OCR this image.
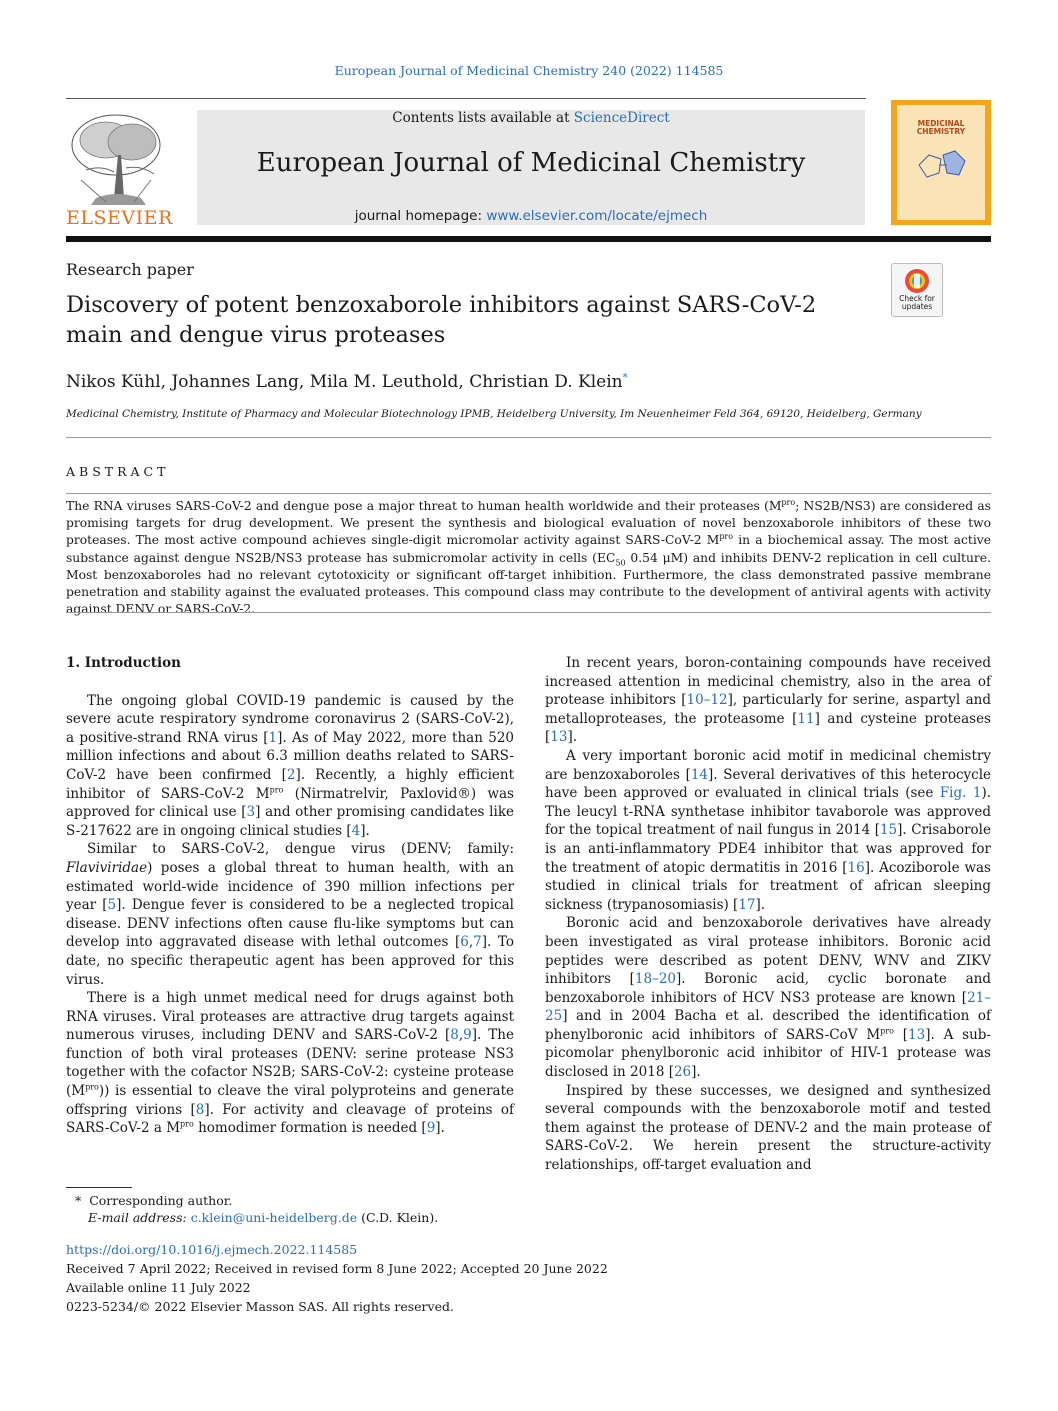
European Journal of Medicinal Chemistry 240 (2022) 114585
ELSEVIER
Contents lists available at ScienceDirect
European Journal of Medicinal Chemistry
journal homepage: www.elsevier.com/locate/ejmech
MEDICINAL CHEMISTRY
Research paper
Discovery of potent benzoxaborole inhibitors against SARS-CoV-2 main and dengue virus proteases
Check for updates
Nikos Kühl, Johannes Lang, Mila M. Leuthold, Christian D. Klein*
Medicinal Chemistry, Institute of Pharmacy and Molecular Biotechnology IPMB, Heidelberg University, Im Neuenheimer Feld 364, 69120, Heidelberg, Germany
ABSTRACT
The RNA viruses SARS-CoV-2 and dengue pose a major threat to human health worldwide and their proteases ($M^{pro}$; NS2B/NS3) are considered as promising targets for drug development. We present the synthesis and biological evaluation of novel benzoxaborole inhibitors of these two proteases. The most active compound achieves single-digit micromolar activity against SARS-CoV-2 $M^{pro}$ in a biochemical assay. The most active substance against dengue NS2B/NS3 protease has submicromolar activity in cells ($EC_{50}$ 0.54 μM) and inhibits DENV-2 replication in cell culture. Most benzoxaboroles had no relevant cytotoxicity or significant off-target inhibition. Furthermore, the class demonstrated passive membrane penetration and stability against the evaluated proteases. This compound class may contribute to the development of antiviral agents with activity against DENV or SARS-CoV-2.

1. Introduction

The ongoing global COVID-19 pandemic is caused by the severe acute respiratory syndrome coronavirus 2 (SARS-CoV-2), a positive-strand RNA virus [1]. As of May 2022, more than 520 million infections and about 6.3 million deaths related to SARS-CoV-2 have been confirmed [2]. Recently, a highly efficient inhibitor of SARS-CoV-2 $M^{pro}$ (Nirmatrelvir, Paxlovid®) was approved for clinical use [3] and other promising candidates like S-217622 are in ongoing clinical studies [4].

Similar to SARS-CoV-2, dengue virus (DENV; family: Flaviviridae) poses a global threat to human health, with an estimated world-wide incidence of 390 million infections per year [5]. Dengue fever is considered to be a neglected tropical disease. DENV infections often cause flu-like symptoms but can develop into aggravated disease with lethal outcomes [6,7]. To date, no specific therapeutic agent has been approved for this virus.

There is a high unmet medical need for drugs against both RNA viruses. Viral proteases are attractive drug targets against numerous viruses, including DENV and SARS-CoV-2 [8,9]. The function of both viral proteases (DENV: serine protease NS3 together with the cofactor NS2B; SARS-CoV-2: cysteine protease $(M^{pro})$) is essential to cleave the viral polyproteins and generate offspring virions [8]. For activity and cleavage of proteins of SARS-CoV-2 a $M^{pro}$ homodimer formation is needed [9].

In recent years, boron-containing compounds have received increased attention in medicinal chemistry, also in the area of protease inhibitors [10–12], particularly for serine, aspartyl and metalloproteases, the proteasome [11] and cysteine proteases [13].

A very important boronic acid motif in medicinal chemistry are benzoxaboroles [14]. Several derivatives of this heterocycle have been approved or evaluated in clinical trials (see Fig. 1). The leucyl t-RNA synthetase inhibitor tavaborole was approved for the topical treatment of nail fungus in 2014 [15]. Crisaborole is an anti-inflammatory PDE4 inhibitor that was approved for the treatment of atopic dermatitis in 2016 [16]. Acoziborole was studied in clinical trials for treatment of african sleeping sickness (trypanosomiasis) [17].

Boronic acid and benzoxaborole derivatives have already been investigated as viral protease inhibitors. Boronic acid peptides were described as potent DENV, WNV and ZIKV inhibitors [18–20]. Boronic acid, cyclic boronate and benzoxaborole inhibitors of HCV NS3 protease are known [21–25] and in 2004 Bacha et al. described the identification of phenylboronic acid inhibitors of SARS-CoV $M^{pro}$ [13]. A sub-picomolar phenylboronic acid inhibitor of HIV-1 protease was disclosed in 2018 [26].

Inspired by these successes, we designed and synthesized several compounds with the benzoxaborole motif and tested them against the protease of DENV-2 and the main protease of SARS-CoV-2. We herein present the structure-activity relationships, off-target evaluation and

* Corresponding author.
E-mail address: c.klein@uni-heidelberg.de (C.D. Klein).
https://doi.org/10.1016/j.ejmech.2022.114585
Received 7 April 2022; Received in revised form 8 June 2022; Accepted 20 June 2022
Available online 11 July 2022
0223-5234/© 2022 Elsevier Masson SAS. All rights reserved.
